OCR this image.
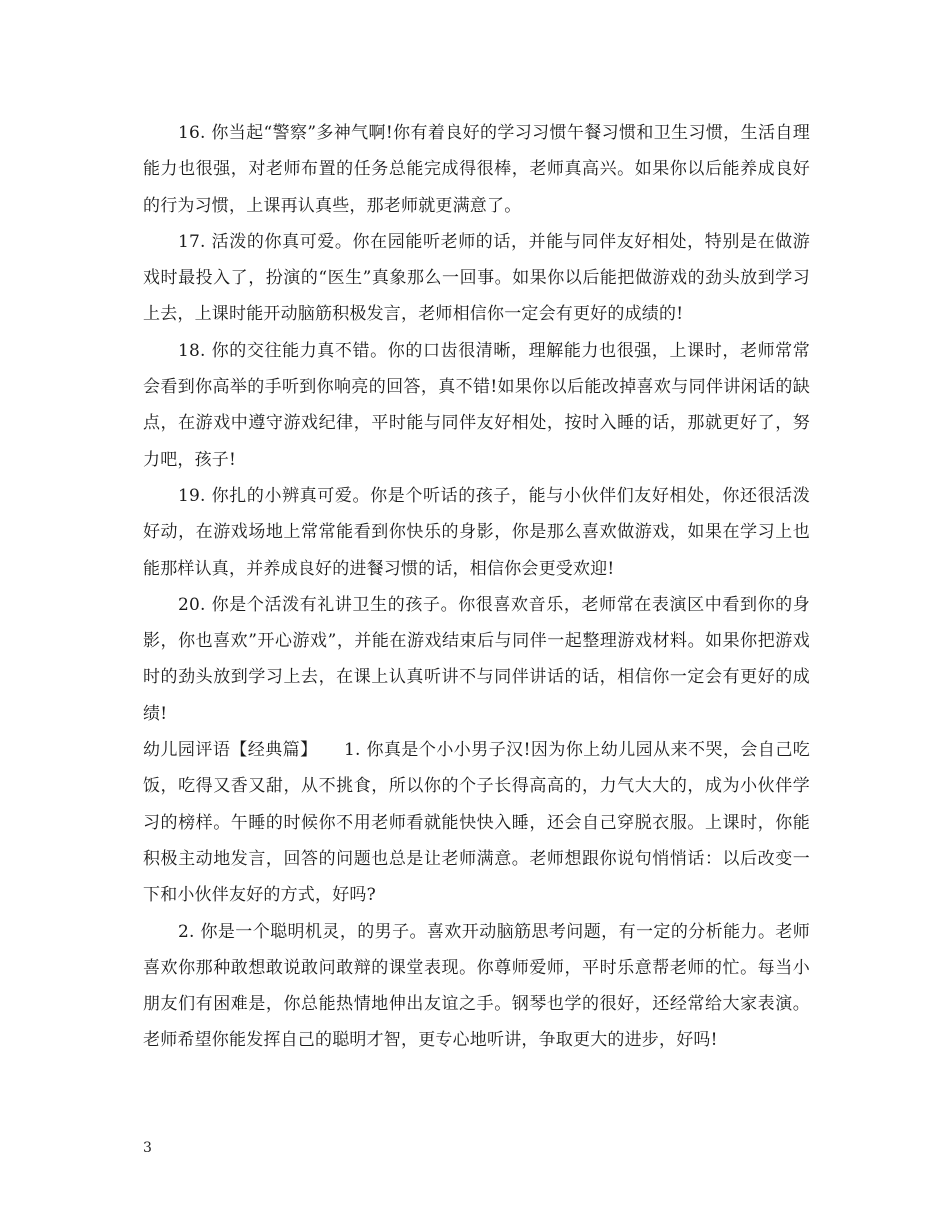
16. 你当起“警察”多神气啊!你有着良好的学习习惯午餐习惯和卫生习惯，生活自理能力也很强，对老师布置的任务总能完成得很棒，老师真高兴。如果你以后能养成良好的行为习惯，上课再认真些，那老师就更满意了。

17. 活泼的你真可爱。你在园能听老师的话，并能与同伴友好相处，特别是在做游戏时最投入了，扮演的“医生”真象那么一回事。如果你以后能把做游戏的劲头放到学习上去，上课时能开动脑筋积极发言，老师相信你一定会有更好的成绩的!

18. 你的交往能力真不错。你的口齿很清晰，理解能力也很强，上课时，老师常常会看到你高举的手听到你响亮的回答，真不错!如果你以后能改掉喜欢与同伴讲闲话的缺点，在游戏中遵守游戏纪律，平时能与同伴友好相处，按时入睡的话，那就更好了，努力吧，孩子!

19. 你扎的小辨真可爱。你是个听话的孩子，能与小伙伴们友好相处，你还很活泼好动，在游戏场地上常常能看到你快乐的身影，你是那么喜欢做游戏，如果在学习上也能那样认真，并养成良好的进餐习惯的话，相信你会更受欢迎!

20. 你是个活泼有礼讲卫生的孩子。你很喜欢音乐，老师常在表演区中看到你的身影，你也喜欢”开心游戏”，并能在游戏结束后与同伴一起整理游戏材料。如果你把游戏时的劲头放到学习上去，在课上认真听讲不与同伴讲话的话，相信你一定会有更好的成绩!

幼儿园评语【经典篇】　　1. 你真是个小小男子汉!因为你上幼儿园从来不哭，会自己吃饭，吃得又香又甜，从不挑食，所以你的个子长得高高的，力气大大的，成为小伙伴学习的榜样。午睡的时候你不用老师看就能快快入睡，还会自己穿脱衣服。上课时，你能积极主动地发言，回答的问题也总是让老师满意。老师想跟你说句悄悄话：以后改变一下和小伙伴友好的方式，好吗?

2. 你是一个聪明机灵，的男子。喜欢开动脑筋思考问题，有一定的分析能力。老师喜欢你那种敢想敢说敢问敢辩的课堂表现。你尊师爱师，平时乐意帮老师的忙。每当小朋友们有困难是，你总能热情地伸出友谊之手。钢琴也学的很好，还经常给大家表演。老师希望你能发挥自己的聪明才智，更专心地听讲，争取更大的进步，好吗!

3
